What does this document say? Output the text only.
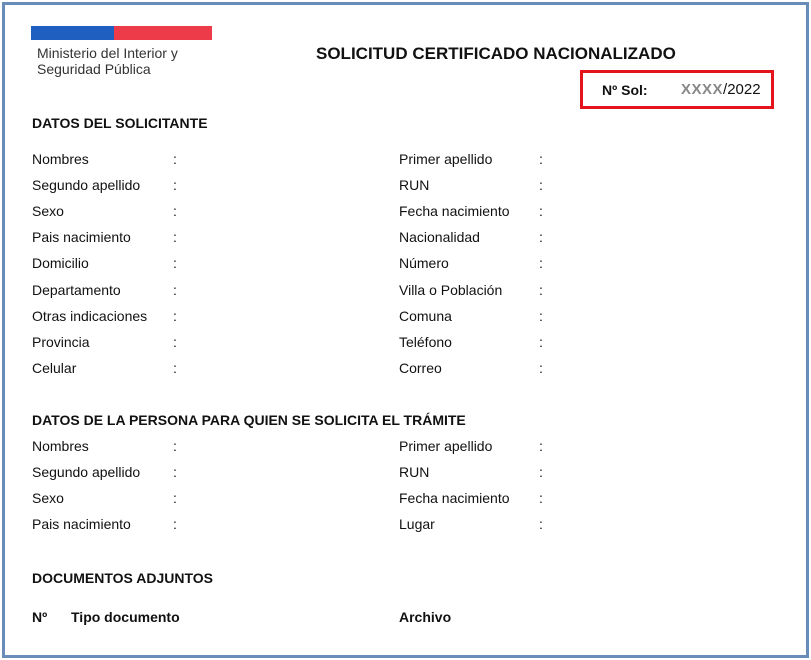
Ministerio del Interior y
Seguridad Pública
SOLICITUD CERTIFICADO NACIONALIZADO
Nº Sol:	XXXX/2022
DATOS DEL SOLICITANTE
Nombres	:	Primer apellido	:
Segundo apellido :	RUN	:
Sexo	:	Fecha nacimiento :
Pais nacimiento	:	Nacionalidad	:
Domicilio	:	Número	:
Departamento	:	Villa o Población	:
Otras indicaciones :	Comuna	:
Provincia	:	Teléfono	:
Celular	:	Correo	:
DATOS DE LA PERSONA PARA QUIEN SE SOLICITA EL TRÁMITE
Nombres	:	Primer apellido	:
Segundo apellido :	RUN	:
Sexo	:	Fecha nacimiento :
Pais nacimiento	:	Lugar	:
DOCUMENTOS ADJUNTOS
Nº Tipo documento	Archivo
